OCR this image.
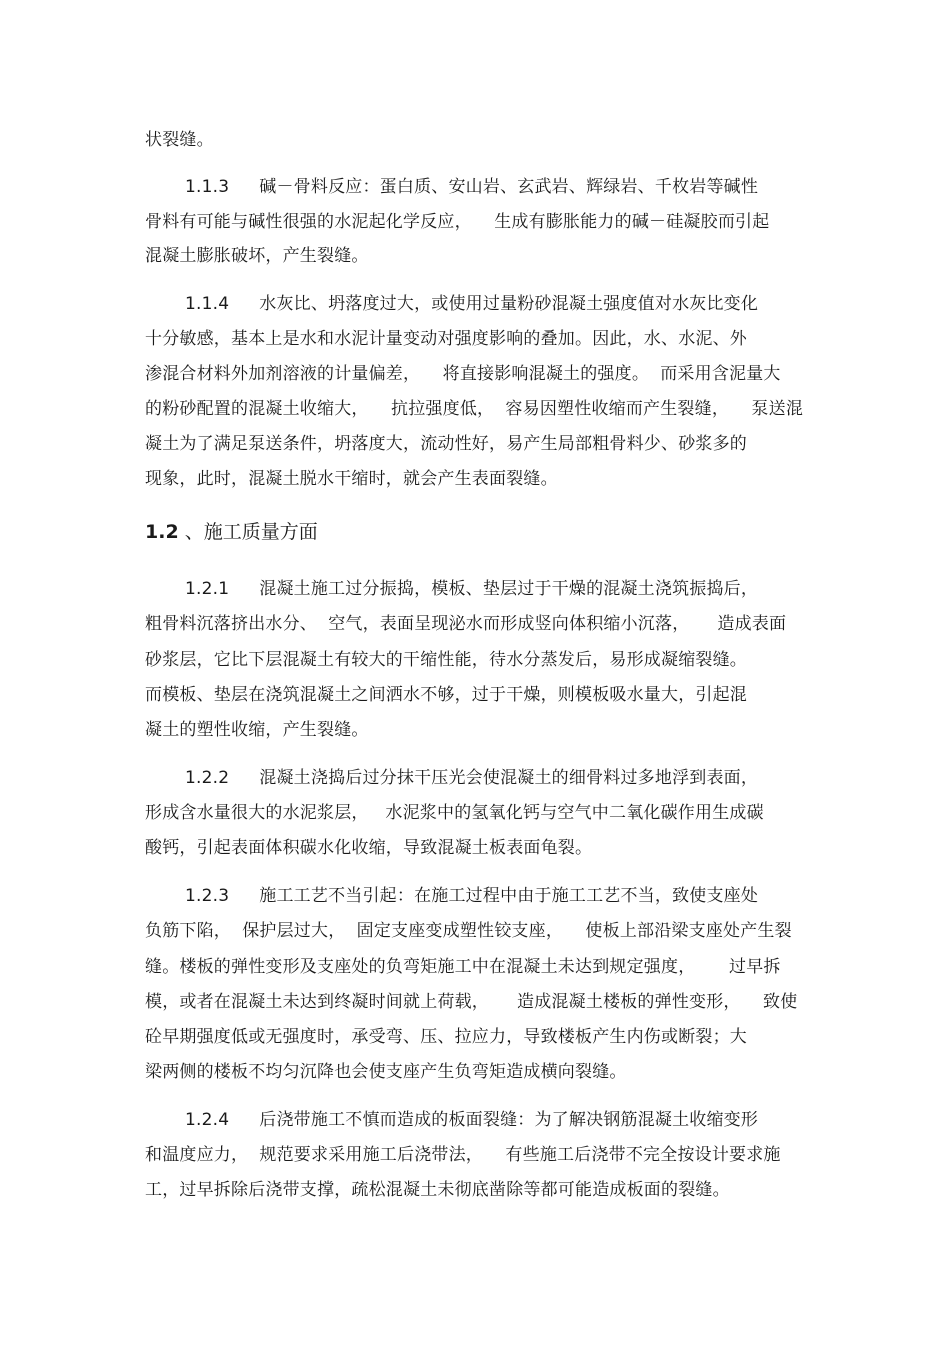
状裂缝。
1.1.3 碱－骨料反应：蛋白质、安山岩、玄武岩、辉绿岩、千枚岩等碱性
骨料有可能与碱性很强的水泥起化学反应，    生成有膨胀能力的碱－硅凝胶而引起
混凝土膨胀破坏，产生裂缝。
1.1.4 水灰比、坍落度过大，或使用过量粉砂混凝土强度值对水灰比变化
十分敏感，基本上是水和水泥计量变动对强度影响的叠加。因此，水、水泥、外
渗混合材料外加剂溶液的计量偏差，    将直接影响混凝土的强度。  而采用含泥量大
的粉砂配置的混凝土收缩大，    抗拉强度低，  容易因塑性收缩而产生裂缝，    泵送混
凝土为了满足泵送条件，坍落度大，流动性好，易产生局部粗骨料少、砂浆多的
现象，此时，混凝土脱水干缩时，就会产生表面裂缝。
1.2 、施工质量方面
1.2.1 混凝土施工过分振捣，模板、垫层过于干燥的混凝土浇筑振捣后，
粗骨料沉落挤出水分、  空气，表面呈现泌水而形成竖向体积缩小沉落，     造成表面
砂浆层，它比下层混凝土有较大的干缩性能，待水分蒸发后，易形成凝缩裂缝。
而模板、垫层在浇筑混凝土之间洒水不够，过于干燥，则模板吸水量大，引起混
凝土的塑性收缩，产生裂缝。
1.2.2 混凝土浇捣后过分抹干压光会使混凝土的细骨料过多地浮到表面，
形成含水量很大的水泥浆层，   水泥浆中的氢氧化钙与空气中二氧化碳作用生成碳
酸钙，引起表面体积碳水化收缩，导致混凝土板表面龟裂。
1.2.3 施工工艺不当引起：在施工过程中由于施工工艺不当，致使支座处
负筋下陷，  保护层过大，  固定支座变成塑性铰支座，    使板上部沿梁支座处产生裂
缝。楼板的弹性变形及支座处的负弯矩施工中在混凝土未达到规定强度，      过早拆
模，或者在混凝土未达到终凝时间就上荷载，     造成混凝土楼板的弹性变形，    致使
砼早期强度低或无强度时，承受弯、压、拉应力，导致楼板产生内伤或断裂；大
梁两侧的楼板不均匀沉降也会使支座产生负弯矩造成横向裂缝。
1.2.4 后浇带施工不慎而造成的板面裂缝：为了解决钢筋混凝土收缩变形
和温度应力，  规范要求采用施工后浇带法，    有些施工后浇带不完全按设计要求施
工，过早拆除后浇带支撑，疏松混凝土未彻底凿除等都可能造成板面的裂缝。
